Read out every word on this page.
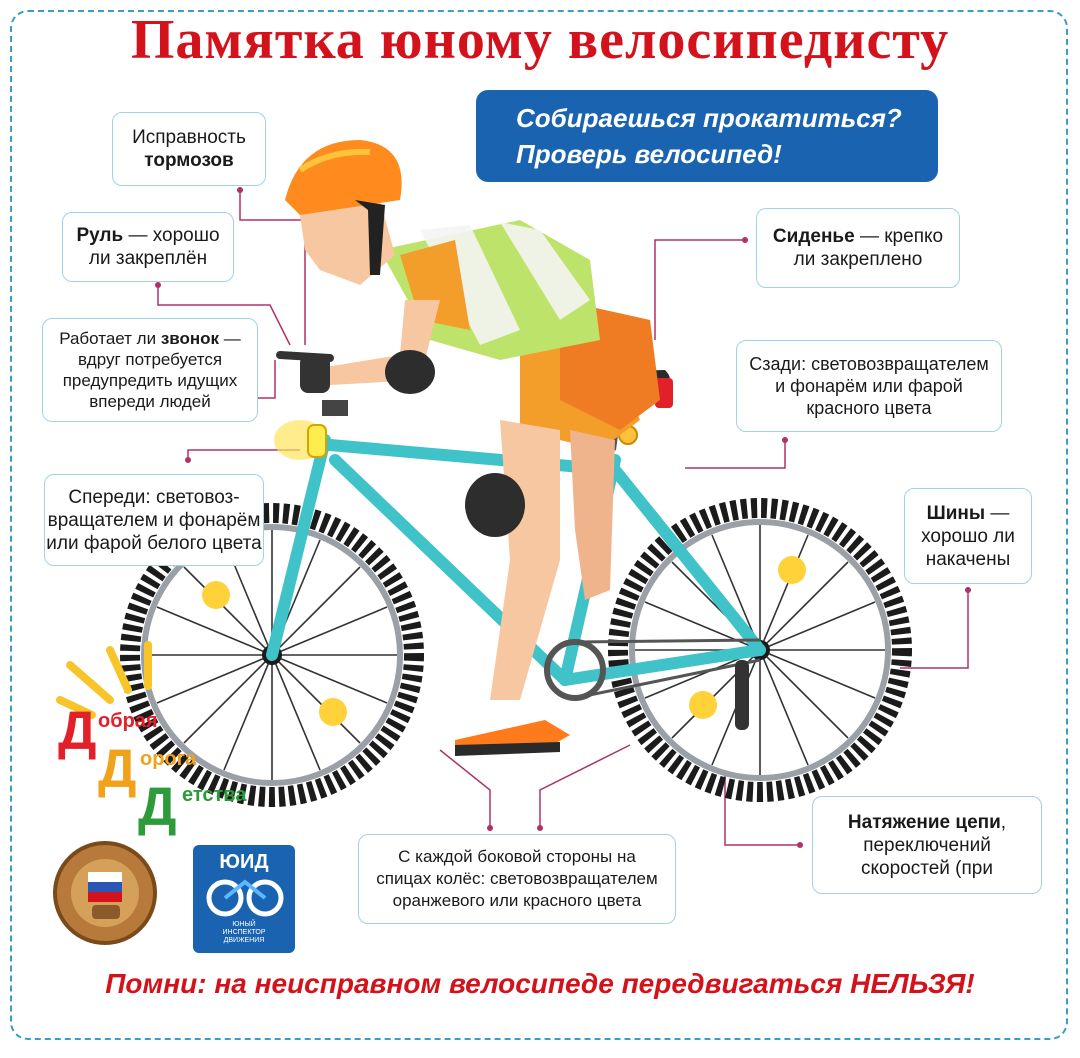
Памятка юному велосипедисту
Собираешься прокатиться?
Проверь велосипед!
Исправность
тормозов
Руль — хорошо
ли закреплён
Работает ли звонок —
вдруг потребуется
предупредить идущих
впереди людей
Спереди: световоз-
вращателем и фонарём
или фарой белого цвета
Сиденье — крепко
ли закреплено
Сзади: световозвращателем
и фонарём или фарой
красного цвета
Шины —
хорошо ли
накачены
Натяжение цепи,
переключений
скоростей (при
С каждой боковой стороны на
спицах колёс: световозвращателем
оранжевого или красного цвета
Д обрая
Д орога
Д етства
ЮИД
ЮНЫЙ
ИНСПЕКТОР
ДВИЖЕНИЯ
Помни: на неисправном велосипеде передвигаться НЕЛЬЗЯ!
